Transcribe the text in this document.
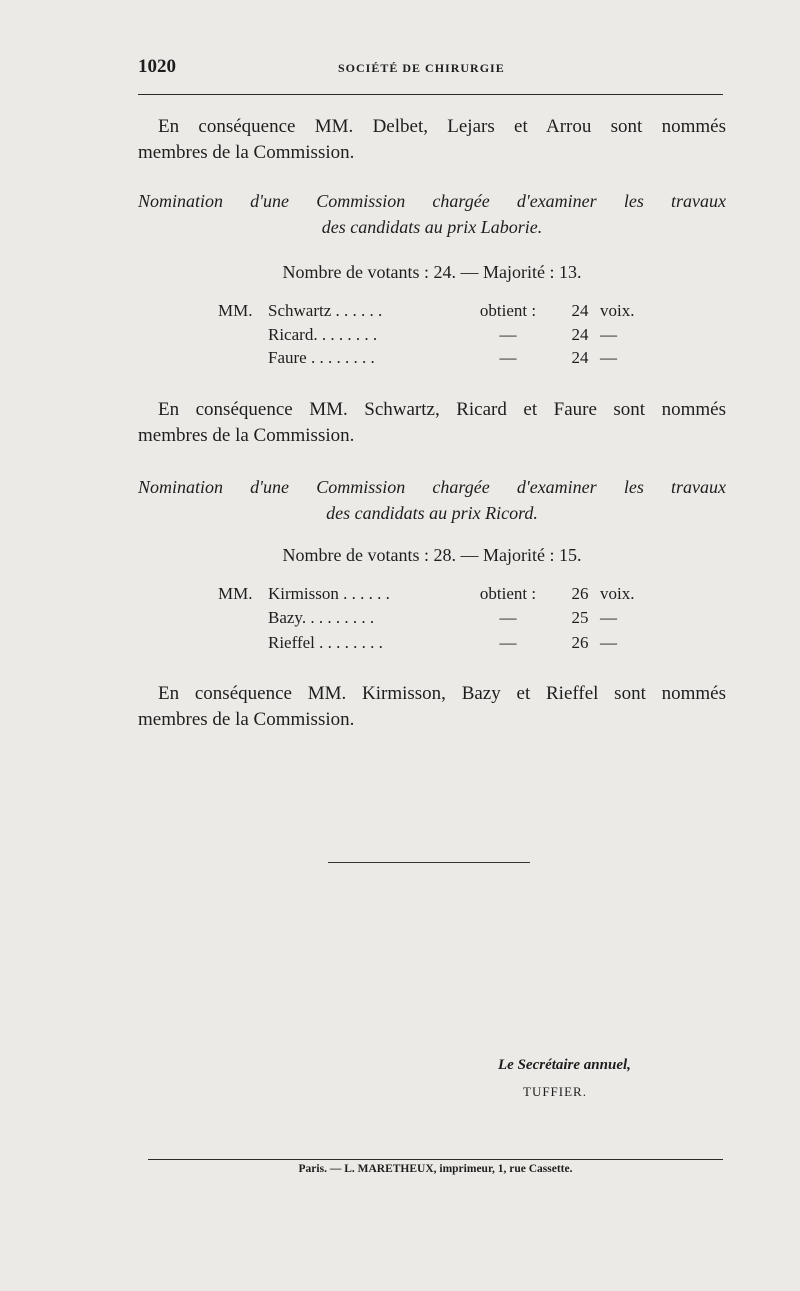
1020	SOCIÉTÉ DE CHIRURGIE
En conséquence MM. Delbet, Lejars et Arrou sont nommés
membres de la Commission.
Nomination d'une Commission chargée d'examiner les travaux
des candidats au prix Laborie.
Nombre de votants : 24. — Majorité : 13.
MM. Schwartz . . . . . .	obtient :	24 voix.
Ricard. . . . . . . .	—	24 —
Faure . . . . . . . .	—	24 —
En conséquence MM. Schwartz, Ricard et Faure sont nommés
membres de la Commission.
Nomination d'une Commission chargée d'examiner les travaux
des candidats au prix Ricord.
Nombre de votants : 28. — Majorité : 15.
MM. Kirmisson . . . . . .	obtient :	26 voix.
Bazy. . . . . . . . .	—	25 —
Rieffel . . . . . . . .	—	26 —
En conséquence MM. Kirmisson, Bazy et Rieffel sont nommés
membres de la Commission.
Le Secrétaire annuel,
TUFFIER.
Paris. — L. MARETHEUX, imprimeur, 1, rue Cassette.
